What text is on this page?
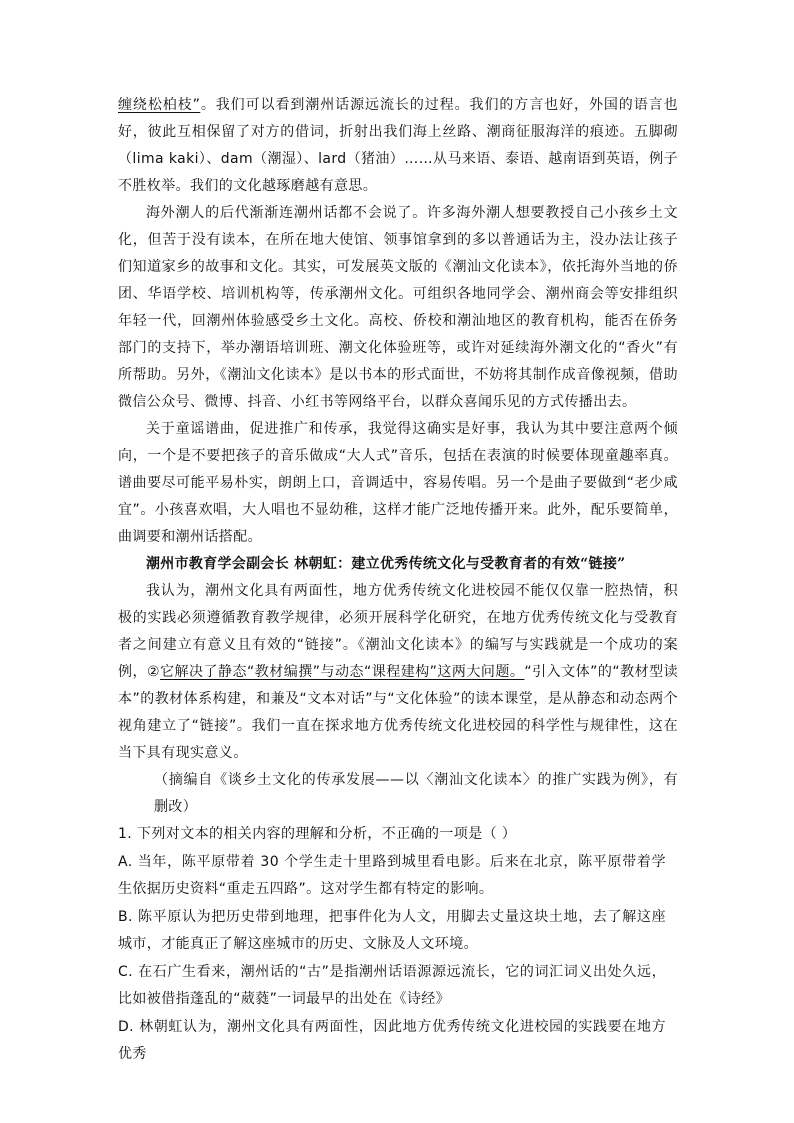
缠绕松柏枝”。我们可以看到潮州话源远流长的过程。我们的方言也好，外国的语言也好，彼此互相保留了对方的借词，折射出我们海上丝路、潮商征服海洋的痕迹。五脚砌（lima kaki）、dam（潮湿）、lard（猪油）……从马来语、泰语、越南语到英语，例子不胜枚举。我们的文化越琢磨越有意思。

海外潮人的后代渐渐连潮州话都不会说了。许多海外潮人想要教授自己小孩乡土文化，但苦于没有读本，在所在地大使馆、领事馆拿到的多以普通话为主，没办法让孩子们知道家乡的故事和文化。其实，可发展英文版的《潮汕文化读本》，依托海外当地的侨团、华语学校、培训机构等，传承潮州文化。可组织各地同学会、潮州商会等安排组织年轻一代，回潮州体验感受乡土文化。高校、侨校和潮汕地区的教育机构，能否在侨务部门的支持下，举办潮语培训班、潮文化体验班等，或许对延续海外潮文化的“香火”有所帮助。另外，《潮汕文化读本》是以书本的形式面世，不妨将其制作成音像视频，借助微信公众号、微博、抖音、小红书等网络平台，以群众喜闻乐见的方式传播出去。

关于童谣谱曲，促进推广和传承，我觉得这确实是好事，我认为其中要注意两个倾向，一个是不要把孩子的音乐做成“大人式”音乐，包括在表演的时候要体现童趣率真。谱曲要尽可能平易朴实，朗朗上口，音调适中，容易传唱。另一个是曲子要做到“老少咸宜”。小孩喜欢唱，大人唱也不显幼稚，这样才能广泛地传播开来。此外，配乐要简单，曲调要和潮州话搭配。

潮州市教育学会副会长 林朝虹：建立优秀传统文化与受教育者的有效“链接”

我认为，潮州文化具有两面性，地方优秀传统文化进校园不能仅仅靠一腔热情，积极的实践必须遵循教育教学规律，必须开展科学化研究，在地方优秀传统文化与受教育者之间建立有意义且有效的“链接”。《潮汕文化读本》的编写与实践就是一个成功的案例，②它解决了静态“教材编撰”与动态“课程建构”这两大问题。“引入文体”的“教材型读本”的教材体系构建，和兼及“文本对话”与“文化体验”的读本课堂，是从静态和动态两个视角建立了“链接”。我们一直在探求地方优秀传统文化进校园的科学性与规律性，这在当下具有现实意义。

（摘编自《谈乡土文化的传承发展——以〈潮汕文化读本〉的推广实践为例》，有删改）

1. 下列对文本的相关内容的理解和分析，不正确的一项是（ ）

A. 当年，陈平原带着 30 个学生走十里路到城里看电影。后来在北京，陈平原带着学生依据历史资料“重走五四路”。这对学生都有特定的影响。

B. 陈平原认为把历史带到地理，把事件化为人文，用脚去丈量这块土地，去了解这座城市，才能真正了解这座城市的历史、文脉及人文环境。

C. 在石广生看来，潮州话的“古”是指潮州话语源源远流长，它的词汇词义出处久远，比如被借指蓬乱的“葳蕤”一词最早的出处在《诗经》

D. 林朝虹认为，潮州文化具有两面性，因此地方优秀传统文化进校园的实践要在地方优秀
